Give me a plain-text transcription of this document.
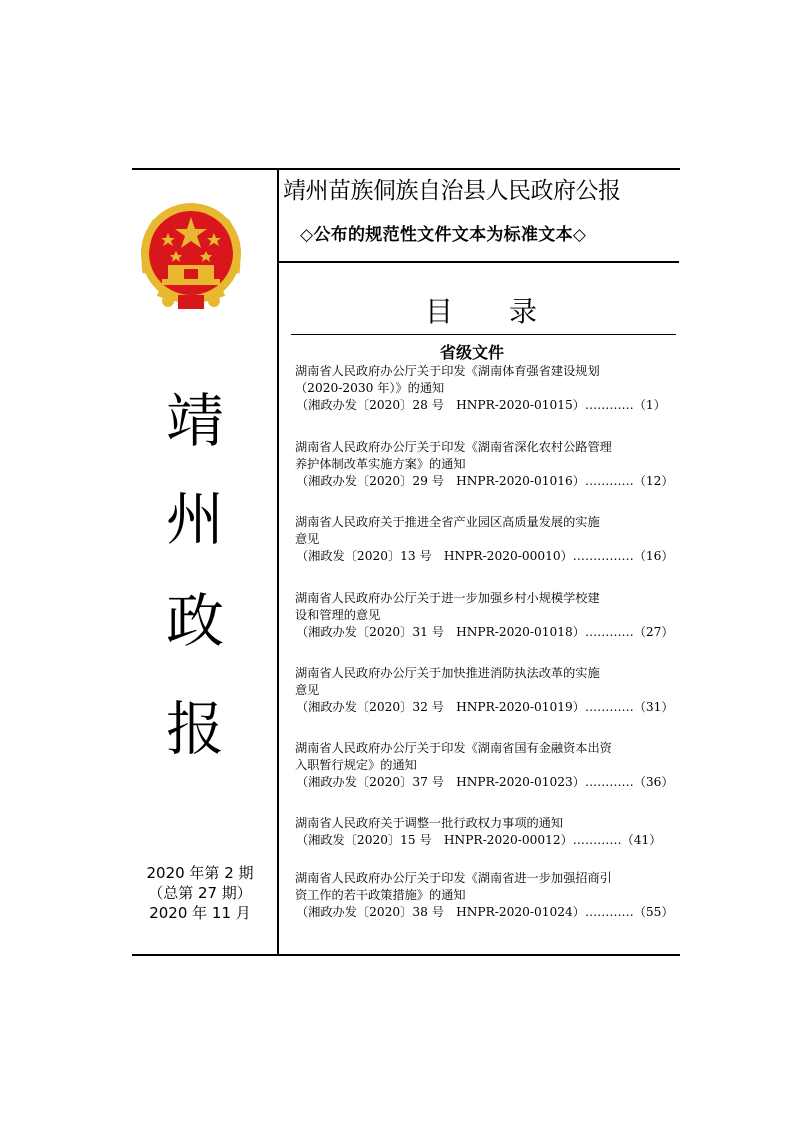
靖
州
政
报
2020 年第 2 期
（总第 27 期）
2020 年 11 月
靖州苗族侗族自治县人民政府公报
◇公布的规范性文件文本为标准文本◇
目　　录
省级文件
湖南省人民政府办公厅关于印发《湖南体育强省建设规划
（2020-2030 年）》的通知
（湘政办发〔2020〕28 号　HNPR-2020-01015）…………（1）
湖南省人民政府办公厅关于印发《湖南省深化农村公路管理
养护体制改革实施方案》的通知
（湘政办发〔2020〕29 号　HNPR-2020-01016）…………（12）
湖南省人民政府关于推进全省产业园区高质量发展的实施
意见
（湘政发〔2020〕13 号　HNPR-2020-00010）……………（16）
湖南省人民政府办公厅关于进一步加强乡村小规模学校建
设和管理的意见
（湘政办发〔2020〕31 号　HNPR-2020-01018）…………（27）
湖南省人民政府办公厅关于加快推进消防执法改革的实施
意见
（湘政办发〔2020〕32 号　HNPR-2020-01019）…………（31）
湖南省人民政府办公厅关于印发《湖南省国有金融资本出资
入职暂行规定》的通知
（湘政办发〔2020〕37 号　HNPR-2020-01023）…………（36）
湖南省人民政府关于调整一批行政权力事项的通知
（湘政发〔2020〕15 号　HNPR-2020-00012）…………（41）
湖南省人民政府办公厅关于印发《湖南省进一步加强招商引
资工作的若干政策措施》的通知
（湘政办发〔2020〕38 号　HNPR-2020-01024）…………（55）
